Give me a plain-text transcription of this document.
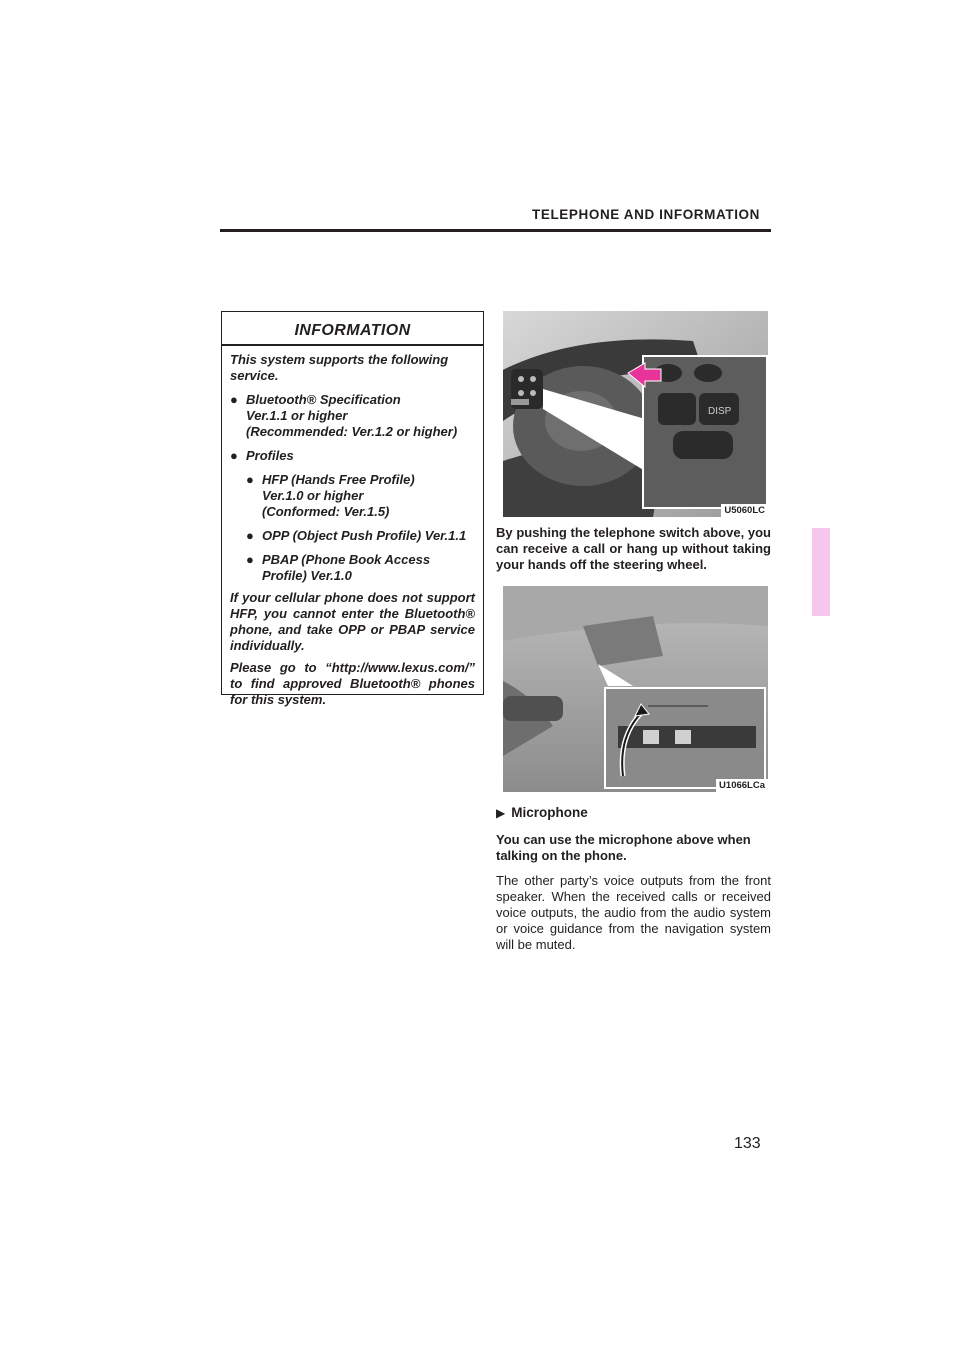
TELEPHONE AND INFORMATION
INFORMATION

This system supports the following service.

● Bluetooth® Specification
Ver.1.1 or higher
(Recommended: Ver.1.2 or higher)
● Profiles
● HFP (Hands Free Profile)
Ver.1.0 or higher
(Conformed: Ver.1.5)
● OPP (Object Push Profile) Ver.1.1
● PBAP (Phone Book Access Profile) Ver.1.0

If your cellular phone does not support HFP, you cannot enter the Bluetooth® phone, and take OPP or PBAP service individually.

Please go to “http://www.lexus.com/” to find approved Bluetooth® phones for this system.

DISP
U5060LC
By pushing the telephone switch above, you can receive a call or hang up without taking your hands off the steering wheel.
U1066LCa
▶ Microphone
You can use the microphone above when talking on the phone.
The other party’s voice outputs from the front speaker. When the received calls or received voice outputs, the audio from the audio system or voice guidance from the navigation system will be muted.
133
